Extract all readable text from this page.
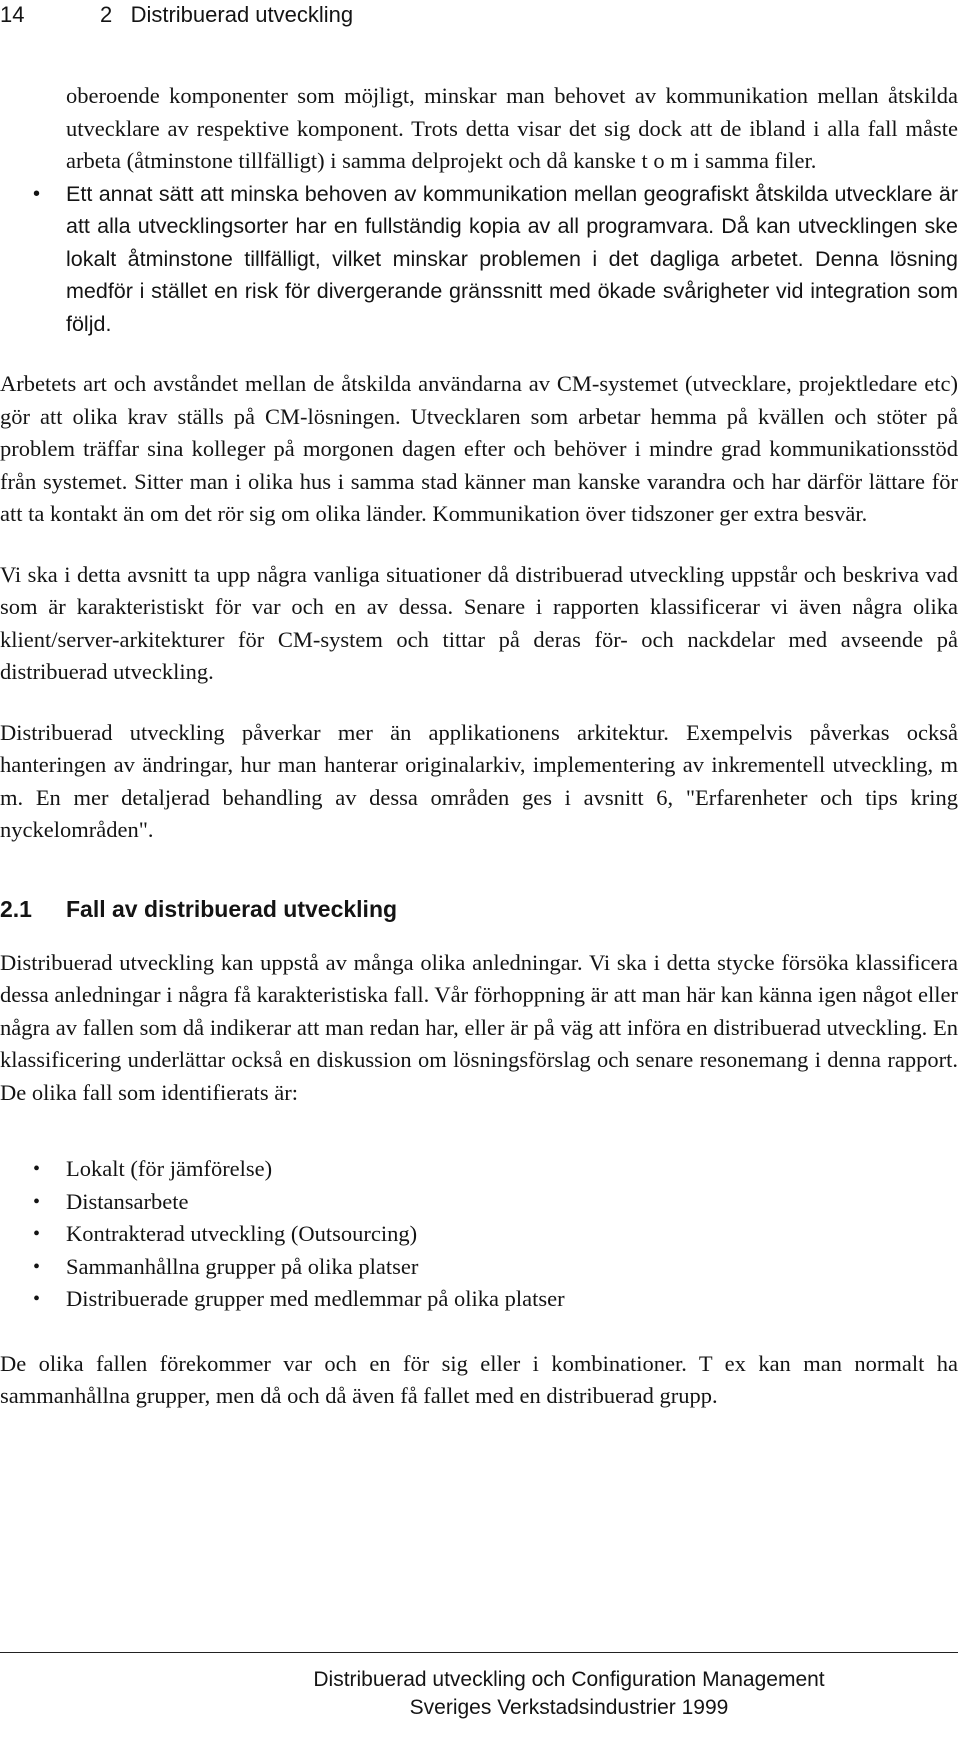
14	2   Distribuerad utveckling

oberoende komponenter som möjligt, minskar man behovet av kommunikation mellan åtskilda utvecklare av respektive komponent. Trots detta visar det sig dock att de ibland i alla fall måste arbeta (åtminstone tillfälligt) i samma delprojekt och då kanske t o m i samma filer.

• Ett annat sätt att minska behoven av kommunikation mellan geografiskt åtskilda utvecklare är att alla utvecklingsorter har en fullständig kopia av all programvara. Då kan utvecklingen ske lokalt åtminstone tillfälligt, vilket minskar problemen i det dagliga arbetet. Denna lösning medför i stället en risk för divergerande gränssnitt med ökade svårigheter vid integration som följd.

Arbetets art och avståndet mellan de åtskilda användarna av CM-systemet (utvecklare, projektledare etc) gör att olika krav ställs på CM-lösningen. Utvecklaren som arbetar hemma på kvällen och stöter på problem träffar sina kolleger på morgonen dagen efter och behöver i mindre grad kommunikationsstöd från systemet. Sitter man i olika hus i samma stad känner man kanske varandra och har därför lättare för att ta kontakt än om det rör sig om olika länder. Kommunikation över tidszoner ger extra besvär.

Vi ska i detta avsnitt ta upp några vanliga situationer då distribuerad utveckling uppstår och beskriva vad som är karakteristiskt för var och en av dessa. Senare i rapporten klassificerar vi även några olika klient/server-arkitekturer för CM-system och tittar på deras för- och nackdelar med avseende på distribuerad utveckling.

Distribuerad utveckling påverkar mer än applikationens arkitektur. Exempelvis påverkas också hanteringen av ändringar, hur man hanterar originalarkiv, implementering av inkrementell utveckling, m m. En mer detaljerad behandling av dessa områden ges i avsnitt 6, "Erfarenheter och tips kring nyckelområden".

2.1 Fall av distribuerad utveckling

Distribuerad utveckling kan uppstå av många olika anledningar. Vi ska i detta stycke försöka klassificera dessa anledningar i några få karakteristiska fall. Vår förhoppning är att man här kan känna igen något eller några av fallen som då indikerar att man redan har, eller är på väg att införa en distribuerad utveckling. En klassificering underlättar också en diskussion om lösningsförslag och senare resonemang i denna rapport. De olika fall som identifierats är:

• Lokalt (för jämförelse)
• Distansarbete
• Kontrakterad utveckling (Outsourcing)
• Sammanhållna grupper på olika platser
• Distribuerade grupper med medlemmar på olika platser

De olika fallen förekommer var och en för sig eller i kombinationer. T ex kan man normalt ha sammanhållna grupper, men då och då även få fallet med en distribuerad grupp.

Distribuerad utveckling och Configuration Management
Sveriges Verkstadsindustrier 1999
